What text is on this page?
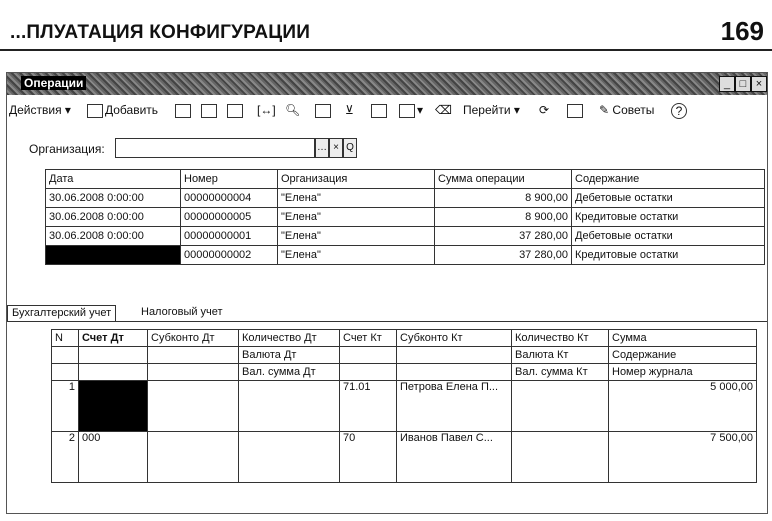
...ПЛУАТАЦИЯ КОНФИГУРАЦИИ	169
Операции	_ □ ×
Действия ▾	Добавить	[↔] 🔍︎	⊻	▾ ⌫ Перейти ▾ ⟳	✎ Советы	?
Организация:	… × Q
Дата	Номер	Организация	Сумма операции	Содержание
30.06.2008 0:00:00	00000000004	"Елена"	8 900,00	Дебетовые остатки
30.06.2008 0:00:00	00000000005	"Елена"	8 900,00	Кредитовые остатки
30.06.2008 0:00:00	00000000001	"Елена"	37 280,00	Дебетовые остатки
30.06.2008 0:00:00	00000000002	"Елена"	37 280,00	Кредитовые остатки
Бухгалтерский учет	Налоговый учет
N	Счет Дт	Субконто Дт	Количество Дт	Счет Кт	Субконто Кт	Количество Кт	Сумма
			Валюта Дт			Валюта Кт	Содержание
			Вал. сумма Дт			Вал. сумма Кт	Номер журнала
1				71.01	Петрова Елена П...		5 000,00
2	000			70	Иванов Павел С...		7 500,00
